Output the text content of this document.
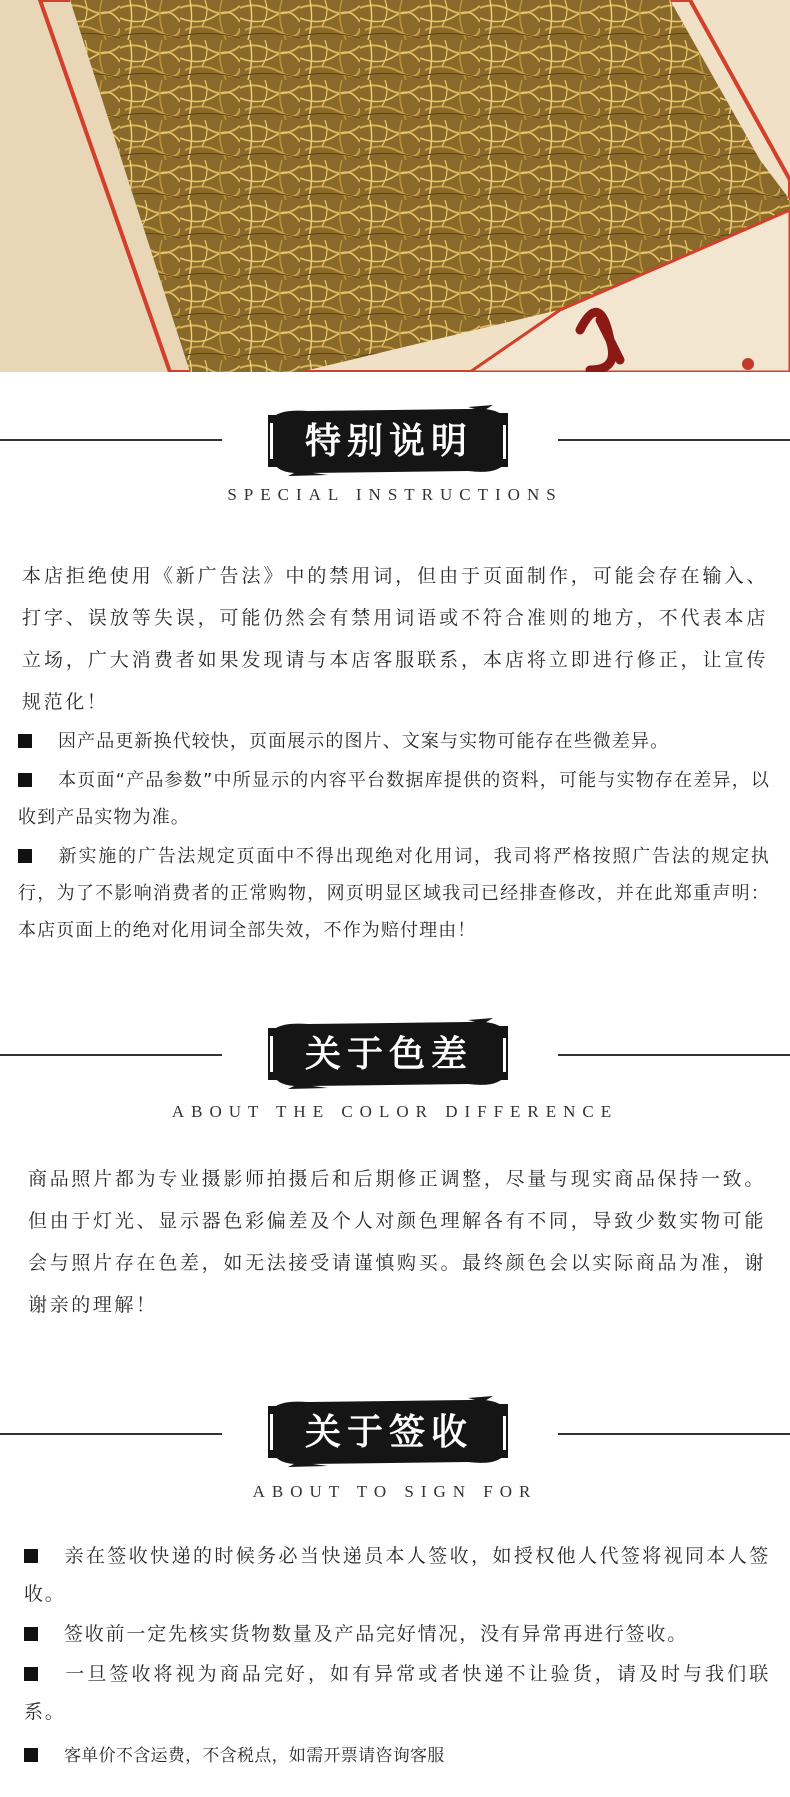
特别说明
SPECIAL INSTRUCTIONS

本店拒绝使用《新广告法》中的禁用词，但由于页面制作，可能会存在输入、打字、误放等失误，可能仍然会有禁用词语或不符合准则的地方，不代表本店立场，广大消费者如果发现请与本店客服联系，本店将立即进行修正，让宣传规范化！

因产品更新换代较快，页面展示的图片、文案与实物可能存在些微差异。

本页面“产品参数”中所显示的内容平台数据库提供的资料，可能与实物存在差异，以收到产品实物为准。

新实施的广告法规定页面中不得出现绝对化用词，我司将严格按照广告法的规定执行，为了不影响消费者的正常购物，网页明显区域我司已经排查修改，并在此郑重声明：本店页面上的绝对化用词全部失效，不作为赔付理由！

关于色差
ABOUT THE COLOR DIFFERENCE

商品照片都为专业摄影师拍摄后和后期修正调整，尽量与现实商品保持一致。但由于灯光、显示器色彩偏差及个人对颜色理解各有不同，导致少数实物可能会与照片存在色差，如无法接受请谨慎购买。最终颜色会以实际商品为准，谢谢亲的理解！

关于签收
ABOUT TO SIGN FOR

亲在签收快递的时候务必当快递员本人签收，如授权他人代签将视同本人签收。

签收前一定先核实货物数量及产品完好情况，没有异常再进行签收。

一旦签收将视为商品完好，如有异常或者快递不让验货，请及时与我们联系。

客单价不含运费，不含税点，如需开票请咨询客服
